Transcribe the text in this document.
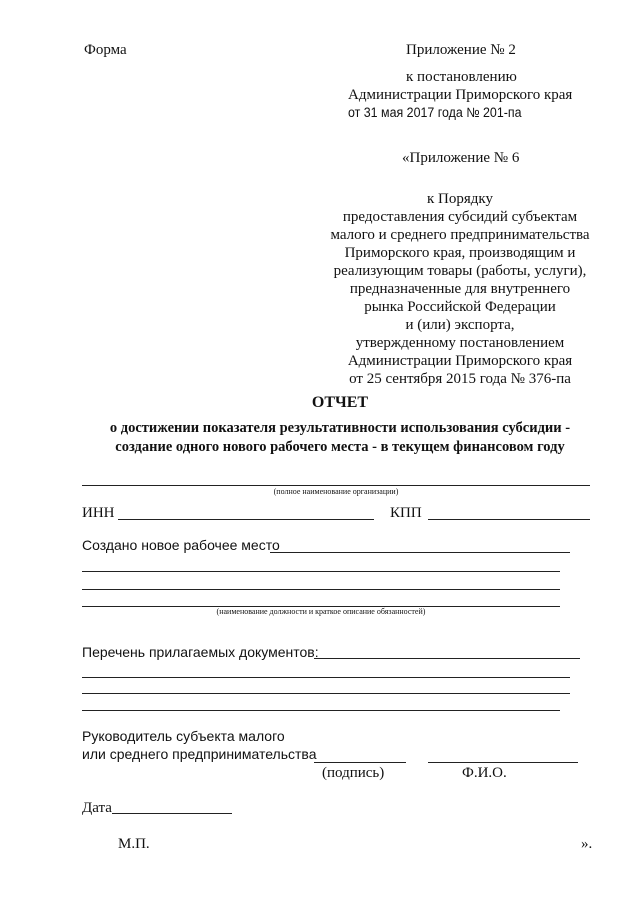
Форма	Приложение № 2
к постановлению
Администрации Приморского края
от 31 мая 2017 года № 201-па
«Приложение № 6
к Порядку
предоставления субсидий субъектам
малого и среднего предпринимательства
Приморского края, производящим и
реализующим товары (работы, услуги),
предназначенные для внутреннего
рынка Российской Федерации
и (или) экспорта,
утвержденному постановлением
Администрации Приморского края
от 25 сентября 2015 года № 376-па
ОТЧЕТ
о достижении показателя результативности использования субсидии -
создание одного нового рабочего места - в текущем финансовом году
(полное наименование организации)
ИНН	КПП
Создано новое рабочее место
(наименование должности и краткое описание обязанностей)
Перечень прилагаемых документов:
Руководитель субъекта малого
или среднего предпринимательства
(подпись)	Ф.И.О.
Дата
М.П.	».
